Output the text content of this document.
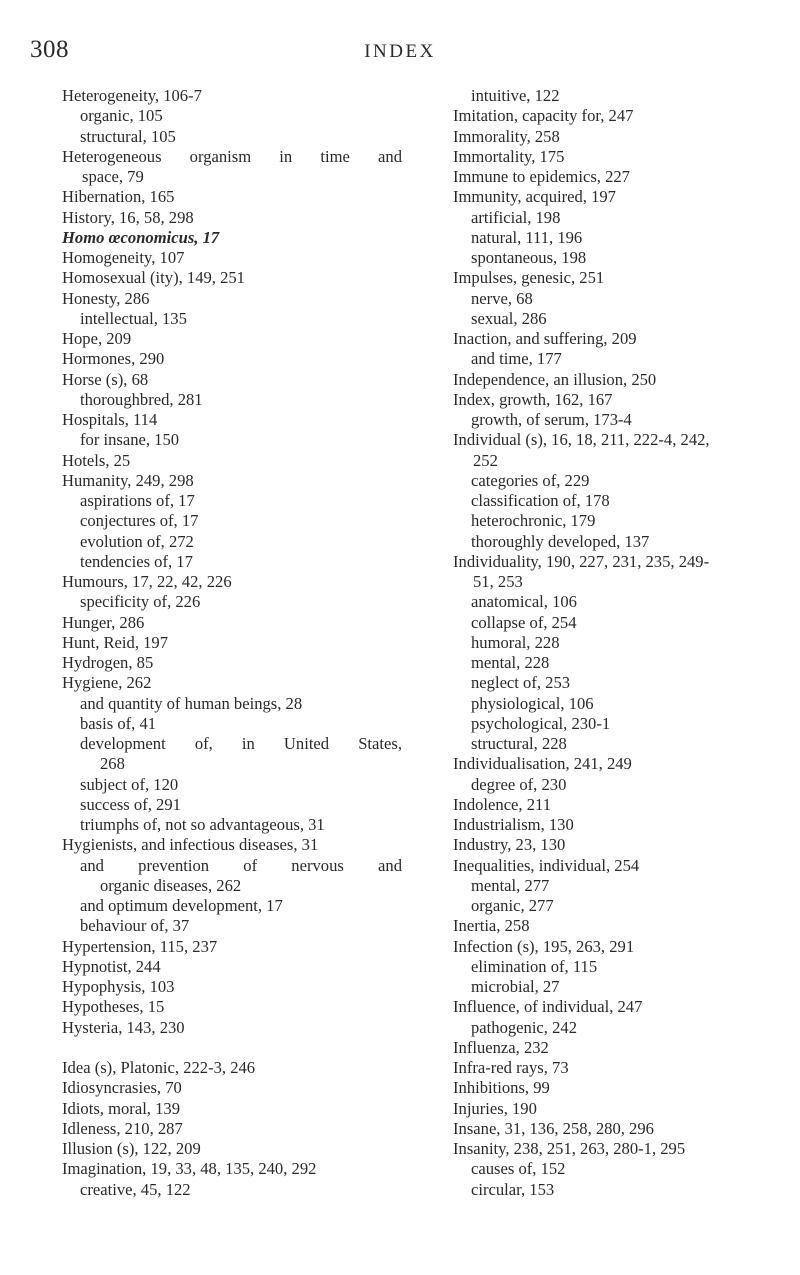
308	INDEX
Heterogeneity, 106-7
organic, 105
structural, 105
Heterogeneous organism in time and
space, 79
Hibernation, 165
History, 16, 58, 298
Homo œconomicus, 17
Homogeneity, 107
Homosexual (ity), 149, 251
Honesty, 286
intellectual, 135
Hope, 209
Hormones, 290
Horse (s), 68
thoroughbred, 281
Hospitals, 114
for insane, 150
Hotels, 25
Humanity, 249, 298
aspirations of, 17
conjectures of, 17
evolution of, 272
tendencies of, 17
Humours, 17, 22, 42, 226
specificity of, 226
Hunger, 286
Hunt, Reid, 197
Hydrogen, 85
Hygiene, 262
and quantity of human beings, 28
basis of, 41
development of, in United States,
268
subject of, 120
success of, 291
triumphs of, not so advantageous, 31
Hygienists, and infectious diseases, 31
and prevention of nervous and
organic diseases, 262
and optimum development, 17
behaviour of, 37
Hypertension, 115, 237
Hypnotist, 244
Hypophysis, 103
Hypotheses, 15
Hysteria, 143, 230
Idea (s), Platonic, 222-3, 246
Idiosyncrasies, 70
Idiots, moral, 139
Idleness, 210, 287
Illusion (s), 122, 209
Imagination, 19, 33, 48, 135, 240, 292
creative, 45, 122
intuitive, 122
Imitation, capacity for, 247
Immorality, 258
Immortality, 175
Immune to epidemics, 227
Immunity, acquired, 197
artificial, 198
natural, 111, 196
spontaneous, 198
Impulses, genesic, 251
nerve, 68
sexual, 286
Inaction, and suffering, 209
and time, 177
Independence, an illusion, 250
Index, growth, 162, 167
growth, of serum, 173-4
Individual (s), 16, 18, 211, 222-4, 242,
252
categories of, 229
classification of, 178
heterochronic, 179
thoroughly developed, 137
Individuality, 190, 227, 231, 235, 249-
51, 253
anatomical, 106
collapse of, 254
humoral, 228
mental, 228
neglect of, 253
physiological, 106
psychological, 230-1
structural, 228
Individualisation, 241, 249
degree of, 230
Indolence, 211
Industrialism, 130
Industry, 23, 130
Inequalities, individual, 254
mental, 277
organic, 277
Inertia, 258
Infection (s), 195, 263, 291
elimination of, 115
microbial, 27
Influence, of individual, 247
pathogenic, 242
Influenza, 232
Infra-red rays, 73
Inhibitions, 99
Injuries, 190
Insane, 31, 136, 258, 280, 296
Insanity, 238, 251, 263, 280-1, 295
causes of, 152
circular, 153
